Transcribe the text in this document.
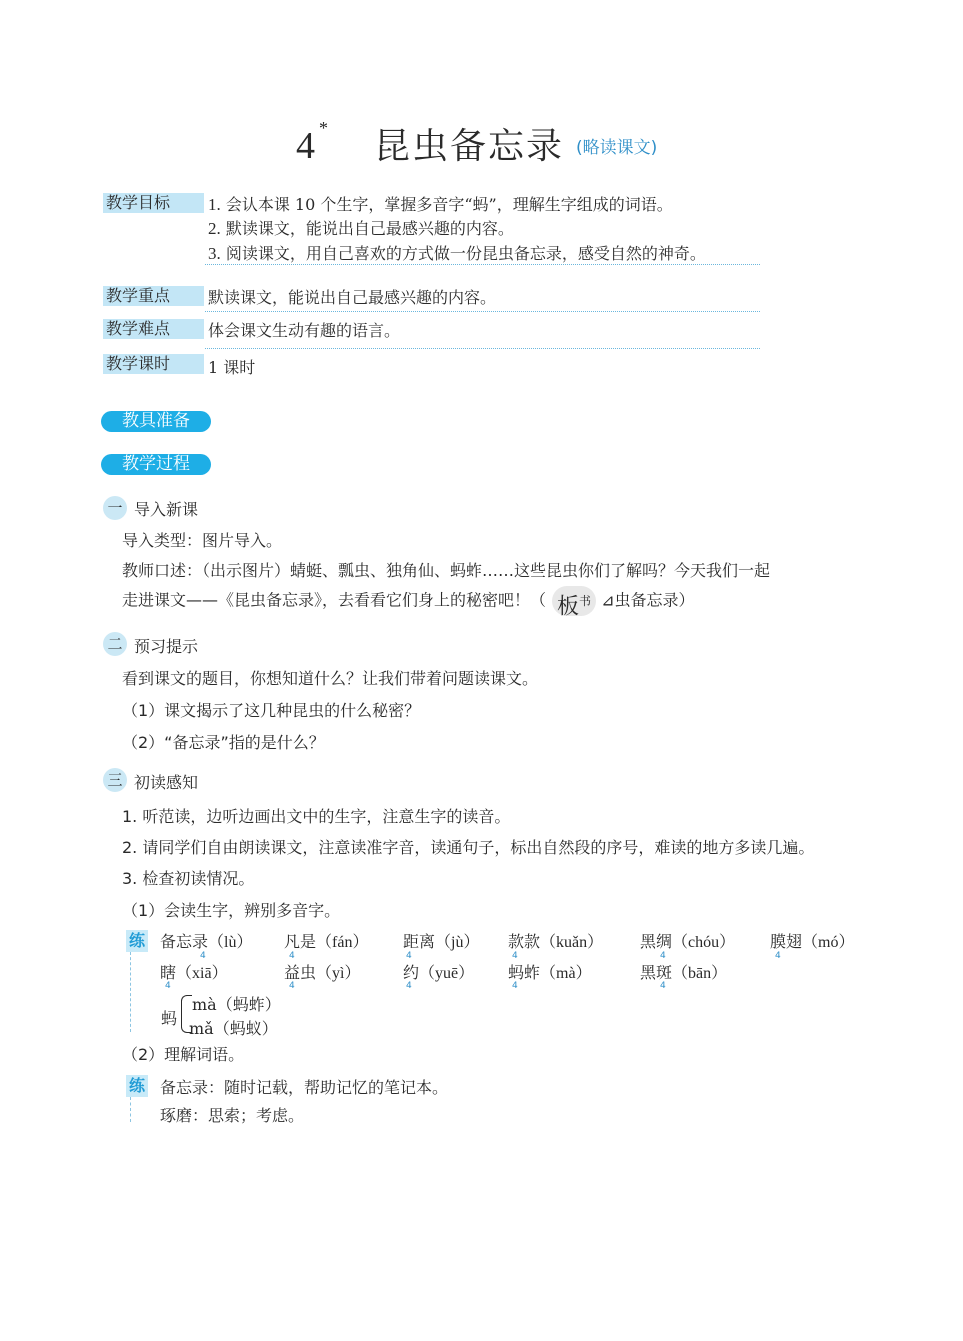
4 * 昆虫备忘录 (略读课文)
教学目标	1. 会认本课 10 个生字，掌握多音字“蚂”，理解生字组成的词语。
2. 默读课文，能说出自己最感兴趣的内容。
3. 阅读课文，用自己喜欢的方式做一份昆虫备忘录，感受自然的神奇。
教学重点	默读课文，能说出自己最感兴趣的内容。
教学难点	体会课文生动有趣的语言。
教学课时	1 课时
教具准备
教学过程
一 导入新课
导入类型：图片导入。
教师口述：（出示图片）蜻蜓、瓢虫、独角仙、蚂蚱……这些昆虫你们了解吗？今天我们一起
走进课文——《昆虫备忘录》，去看看它们身上的秘密吧！（ 板$^书$ ⊿虫备忘录）
二 预习提示
看到课文的题目，你想知道什么？让我们带着问题读课文。
（1）课文揭示了这几种昆虫的什么秘密？
（2）“备忘录”指的是什么？
三 初读感知
1. 听范读，边听边画出文中的生字，注意生字的读音。
2. 请同学们自由朗读课文，注意读准字音，读通句子，标出自然段的序号，难读的地方多读几遍。
3. 检查初读情况。
（1）会读生字，辨别多音字。
练 备忘录（lù） 凡是（fán） 距离（jù） 款款（kuǎn） 黑绸（chóu） 膜翅（mó）
4	4	4	4	4	4
瞎（xiā）	益虫（yì）	约（yuē） 蚂蚱（mà）	黑斑（bān）
4	4	4	4	4
蚂
mà（蚂蚱）
mǎ（蚂蚁）
（2）理解词语。
练 备忘录：随时记载，帮助记忆的笔记本。
琢磨：思索；考虑。
